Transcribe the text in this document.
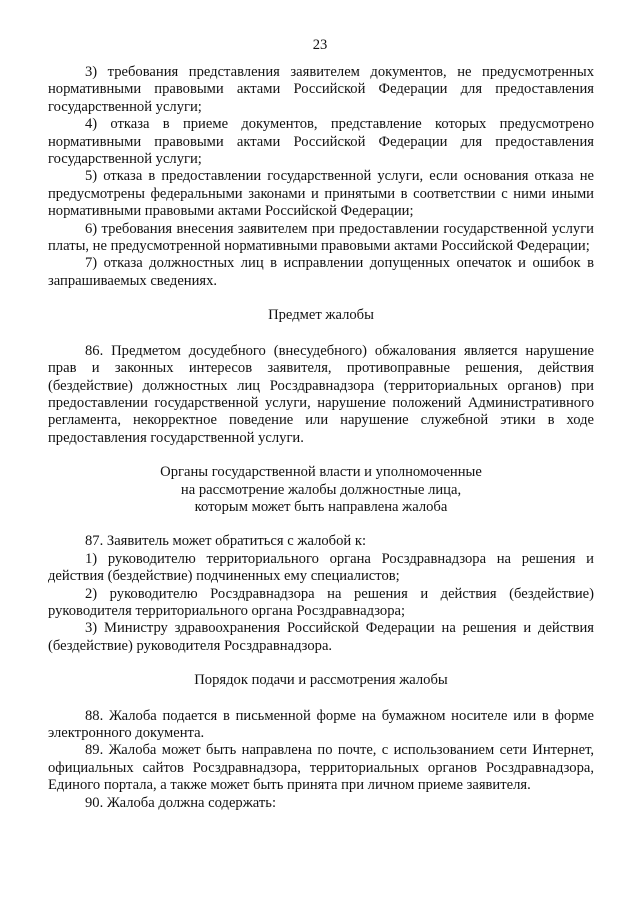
23

3) требования представления заявителем документов, не предусмотренных нормативными правовыми актами Российской Федерации для предоставления государственной услуги;

4) отказа в приеме документов, представление которых предусмотрено нормативными правовыми актами Российской Федерации для предоставления государственной услуги;

5) отказа в предоставлении государственной услуги, если основания отказа не предусмотрены федеральными законами и принятыми в соответствии с ними иными нормативными правовыми актами Российской Федерации;

6) требования внесения заявителем при предоставлении государственной услуги платы, не предусмотренной нормативными правовыми актами Российской Федерации;

7) отказа должностных лиц в исправлении допущенных опечаток и ошибок в запрашиваемых сведениях.

Предмет жалобы

86. Предметом досудебного (внесудебного) обжалования является нарушение прав и законных интересов заявителя, противоправные решения, действия (бездействие) должностных лиц Росздравнадзора (территориальных органов) при предоставлении государственной услуги, нарушение положений Административного регламента, некорректное поведение или нарушение служебной этики в ходе предоставления государственной услуги.

Органы государственной власти и уполномоченные
на рассмотрение жалобы должностные лица,
которым может быть направлена жалоба

87. Заявитель может обратиться с жалобой к:

1) руководителю территориального органа Росздравнадзора на решения и действия (бездействие) подчиненных ему специалистов;

2) руководителю Росздравнадзора на решения и действия (бездействие) руководителя территориального органа Росздравнадзора;

3) Министру здравоохранения Российской Федерации на решения и действия (бездействие) руководителя Росздравнадзора.

Порядок подачи и рассмотрения жалобы

88. Жалоба подается в письменной форме на бумажном носителе или в форме электронного документа.

89. Жалоба может быть направлена по почте, с использованием сети Интернет, официальных сайтов Росздравнадзора, территориальных органов Росздравнадзора, Единого портала, а также может быть принята при личном приеме заявителя.

90. Жалоба должна содержать:
